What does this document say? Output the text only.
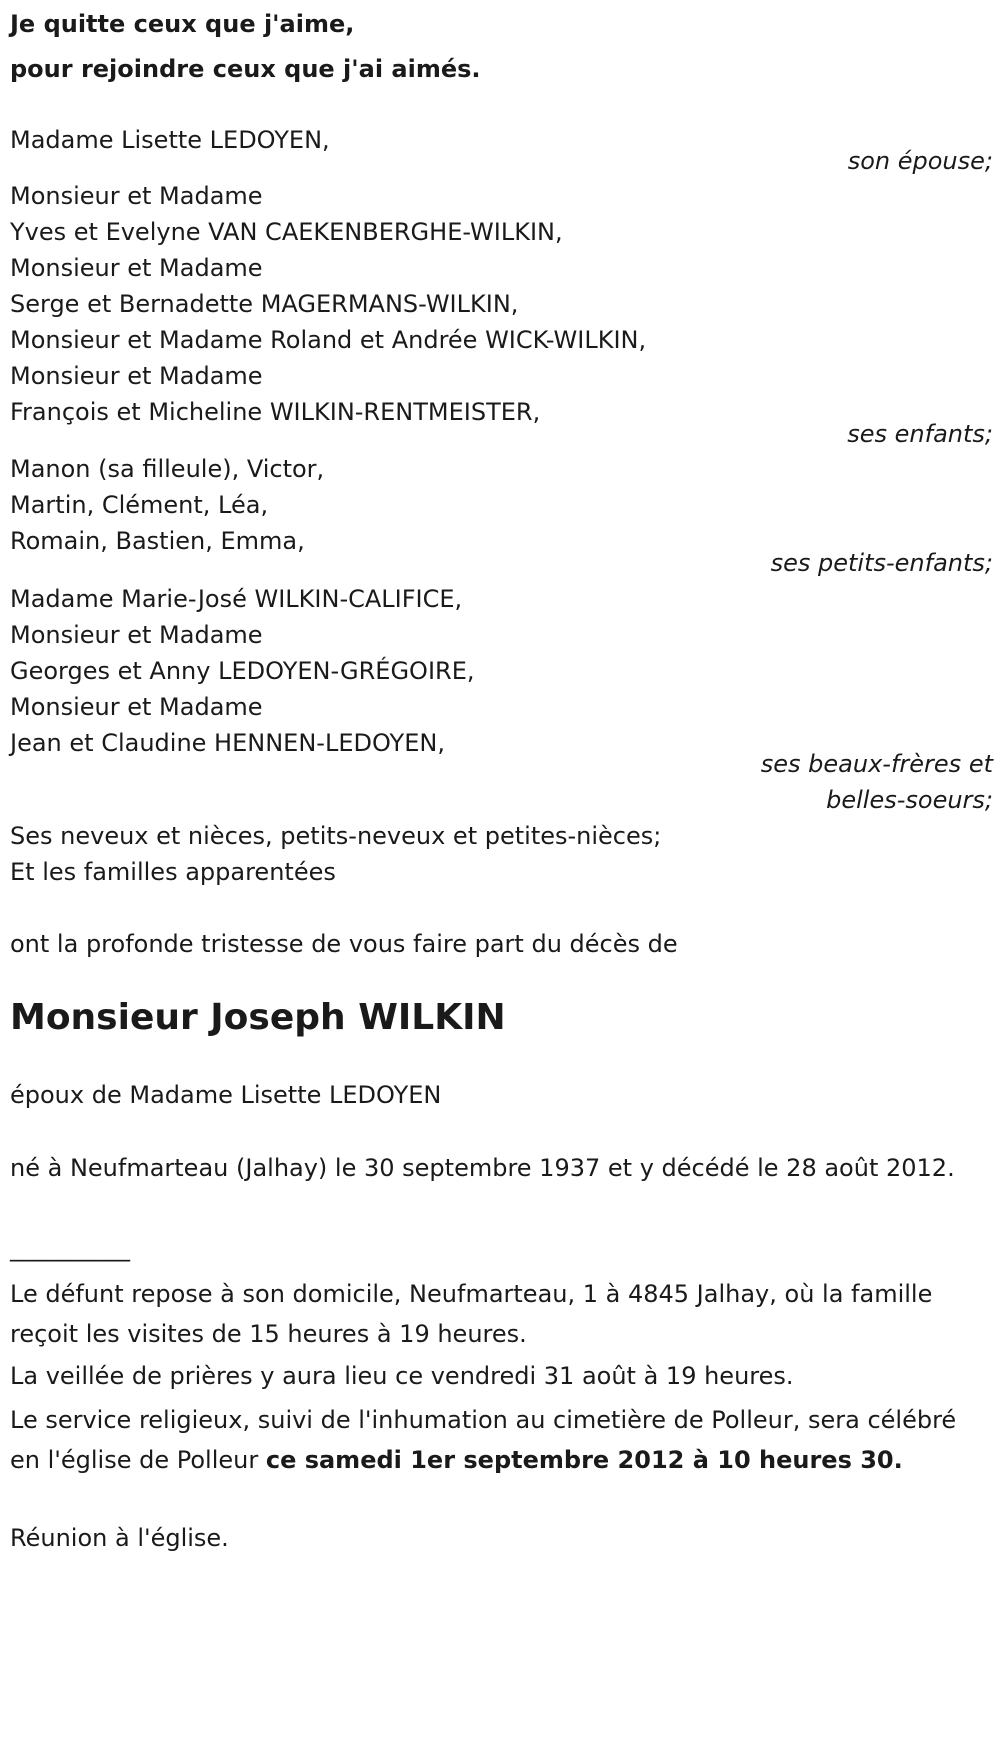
Je quitte ceux que j'aime,

pour rejoindre ceux que j'ai aimés.

Madame Lisette LEDOYEN,

son épouse;

Monsieur et Madame

Yves et Evelyne VAN CAEKENBERGHE-WILKIN,

Monsieur et Madame

Serge et Bernadette MAGERMANS-WILKIN,

Monsieur et Madame Roland et Andrée WICK-WILKIN,

Monsieur et Madame

François et Micheline WILKIN-RENTMEISTER,

ses enfants;

Manon (sa filleule), Victor,

Martin, Clément, Léa,

Romain, Bastien, Emma,

ses petits-enfants;

Madame Marie-José WILKIN-CALIFICE,

Monsieur et Madame

Georges et Anny LEDOYEN-GRÉGOIRE,

Monsieur et Madame

Jean et Claudine HENNEN-LEDOYEN,

ses beaux-frères et

belles-soeurs;

Ses neveux et nièces, petits-neveux et petites-nièces;

Et les familles apparentées

ont la profonde tristesse de vous faire part du décès de

Monsieur Joseph WILKIN

époux de Madame Lisette LEDOYEN

né à Neufmarteau (Jalhay) le 30 septembre 1937 et y décédé le 28 août 2012.

__________

Le défunt repose à son domicile, Neufmarteau, 1 à 4845 Jalhay, où la famille reçoit les visites de 15 heures à 19 heures.

La veillée de prières y aura lieu ce vendredi 31 août à 19 heures.

Le service religieux, suivi de l'inhumation au cimetière de Polleur, sera célébré en l'église de Polleur ce samedi 1er septembre 2012 à 10 heures 30.

Réunion à l'église.
